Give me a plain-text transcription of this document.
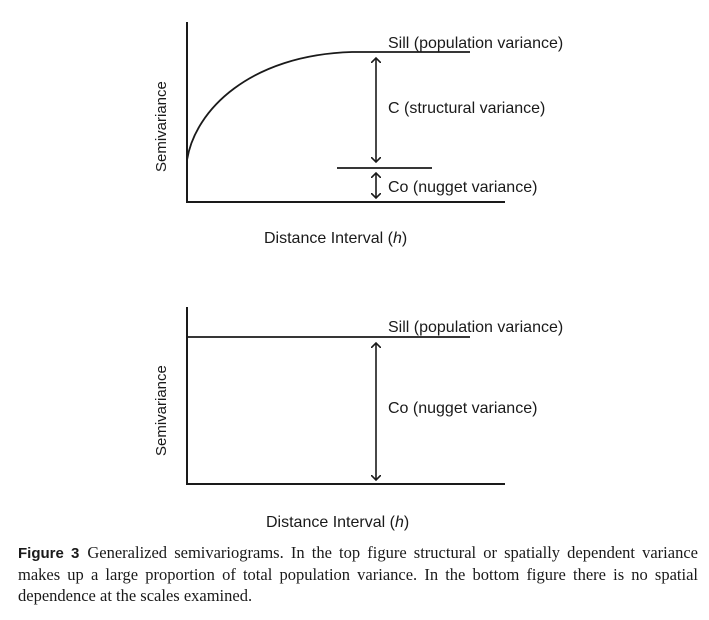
Sill (population variance)
C (structural variance)
Co (nugget variance)
Semivariance
Distance Interval (h)
Sill (population variance)
Co (nugget variance)
Semivariance
Distance Interval (h)
Figure 3 Generalized semivariograms. In the top figure structural or spatially dependent variance makes up a large proportion of total population variance. In the bottom figure there is no spatial dependence at the scales examined.
